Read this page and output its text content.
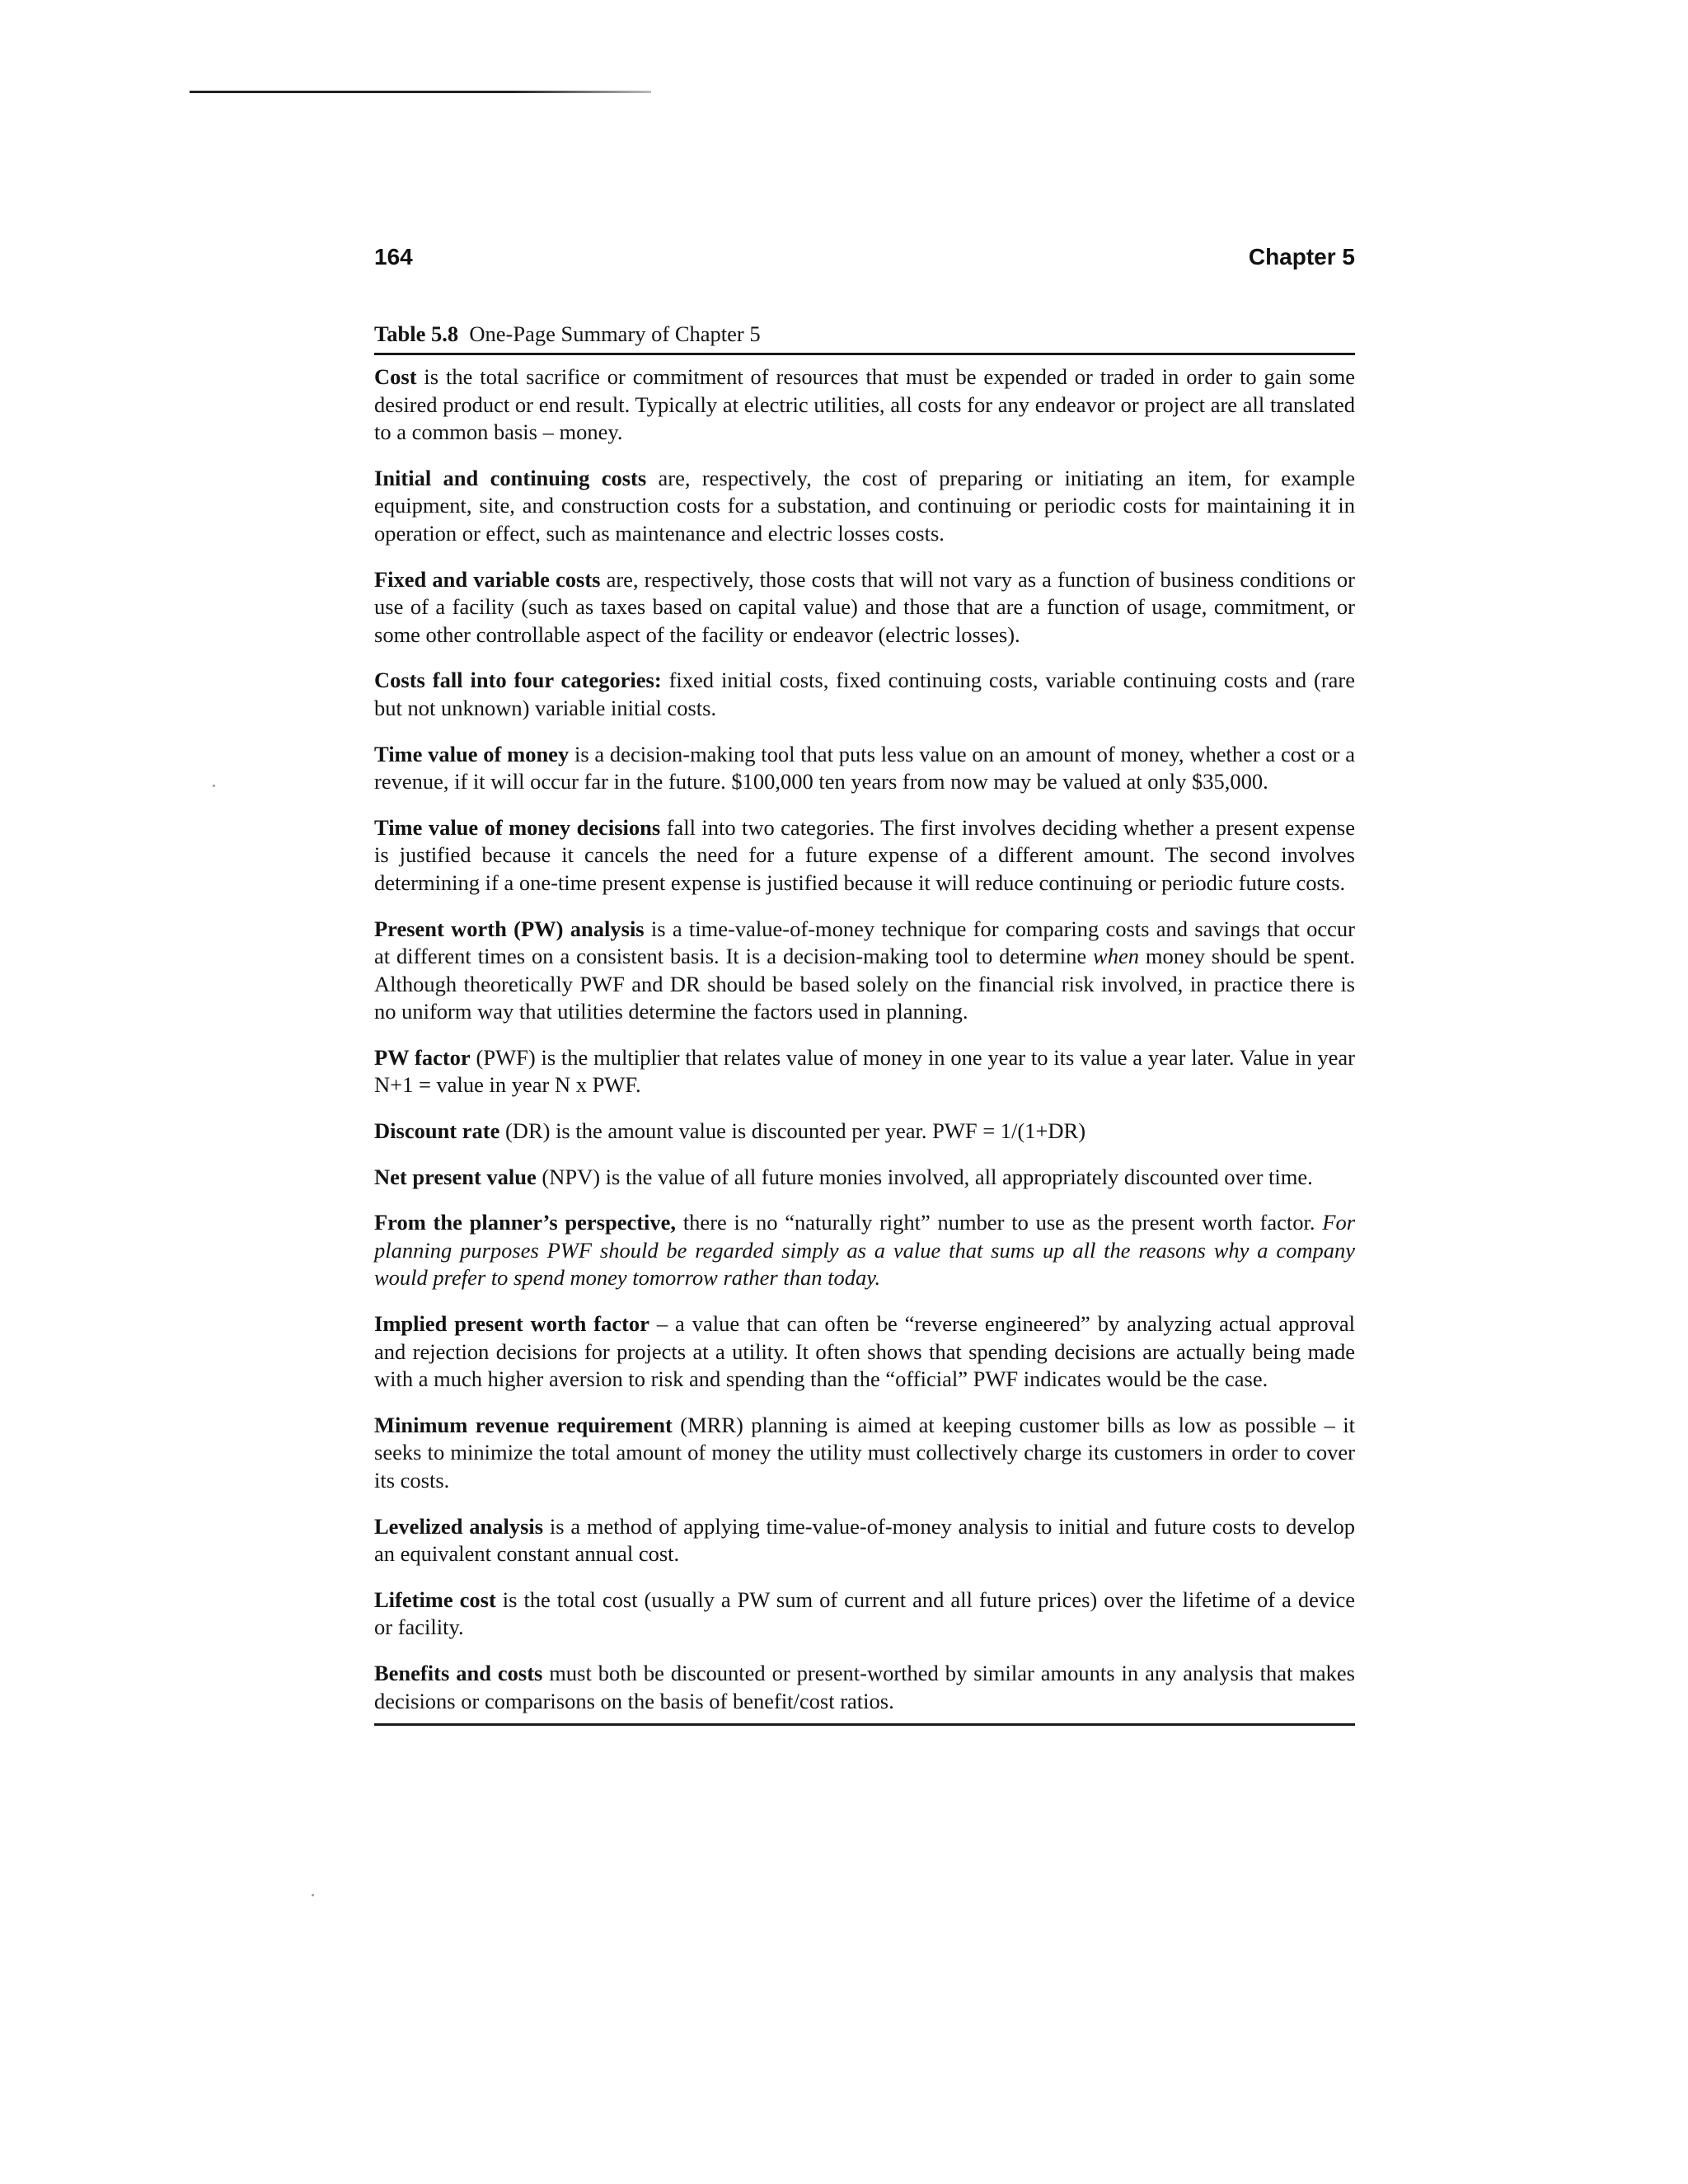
164	Chapter 5
Table 5.8 One-Page Summary of Chapter 5

Cost is the total sacrifice or commitment of resources that must be expended or traded in order to gain some desired product or end result. Typically at electric utilities, all costs for any endeavor or project are all translated to a common basis – money.

Initial and continuing costs are, respectively, the cost of preparing or initiating an item, for example equipment, site, and construction costs for a substation, and continuing or periodic costs for maintaining it in operation or effect, such as maintenance and electric losses costs.

Fixed and variable costs are, respectively, those costs that will not vary as a function of business conditions or use of a facility (such as taxes based on capital value) and those that are a function of usage, commitment, or some other controllable aspect of the facility or endeavor (electric losses).

Costs fall into four categories: fixed initial costs, fixed continuing costs, variable continuing costs and (rare but not unknown) variable initial costs.

Time value of money is a decision-making tool that puts less value on an amount of money, whether a cost or a revenue, if it will occur far in the future. $100,000 ten years from now may be valued at only $35,000.

Time value of money decisions fall into two categories. The first involves deciding whether a present expense is justified because it cancels the need for a future expense of a different amount. The second involves determining if a one-time present expense is justified because it will reduce continuing or periodic future costs.

Present worth (PW) analysis is a time-value-of-money technique for comparing costs and savings that occur at different times on a consistent basis. It is a decision-making tool to determine when money should be spent. Although theoretically PWF and DR should be based solely on the financial risk involved, in practice there is no uniform way that utilities determine the factors used in planning.

PW factor (PWF) is the multiplier that relates value of money in one year to its value a year later. Value in year N+1 = value in year N x PWF.

Discount rate (DR) is the amount value is discounted per year. PWF = 1/(1+DR)

Net present value (NPV) is the value of all future monies involved, all appropriately discounted over time.

From the planner’s perspective, there is no “naturally right” number to use as the present worth factor. For planning purposes PWF should be regarded simply as a value that sums up all the reasons why a company would prefer to spend money tomorrow rather than today.

Implied present worth factor – a value that can often be “reverse engineered” by analyzing actual approval and rejection decisions for projects at a utility. It often shows that spending decisions are actually being made with a much higher aversion to risk and spending than the “official” PWF indicates would be the case.

Minimum revenue requirement (MRR) planning is aimed at keeping customer bills as low as possible – it seeks to minimize the total amount of money the utility must collectively charge its customers in order to cover its costs.

Levelized analysis is a method of applying time-value-of-money analysis to initial and future costs to develop an equivalent constant annual cost.

Lifetime cost is the total cost (usually a PW sum of current and all future prices) over the lifetime of a device or facility.

Benefits and costs must both be discounted or present-worthed by similar amounts in any analysis that makes decisions or comparisons on the basis of benefit/cost ratios.
